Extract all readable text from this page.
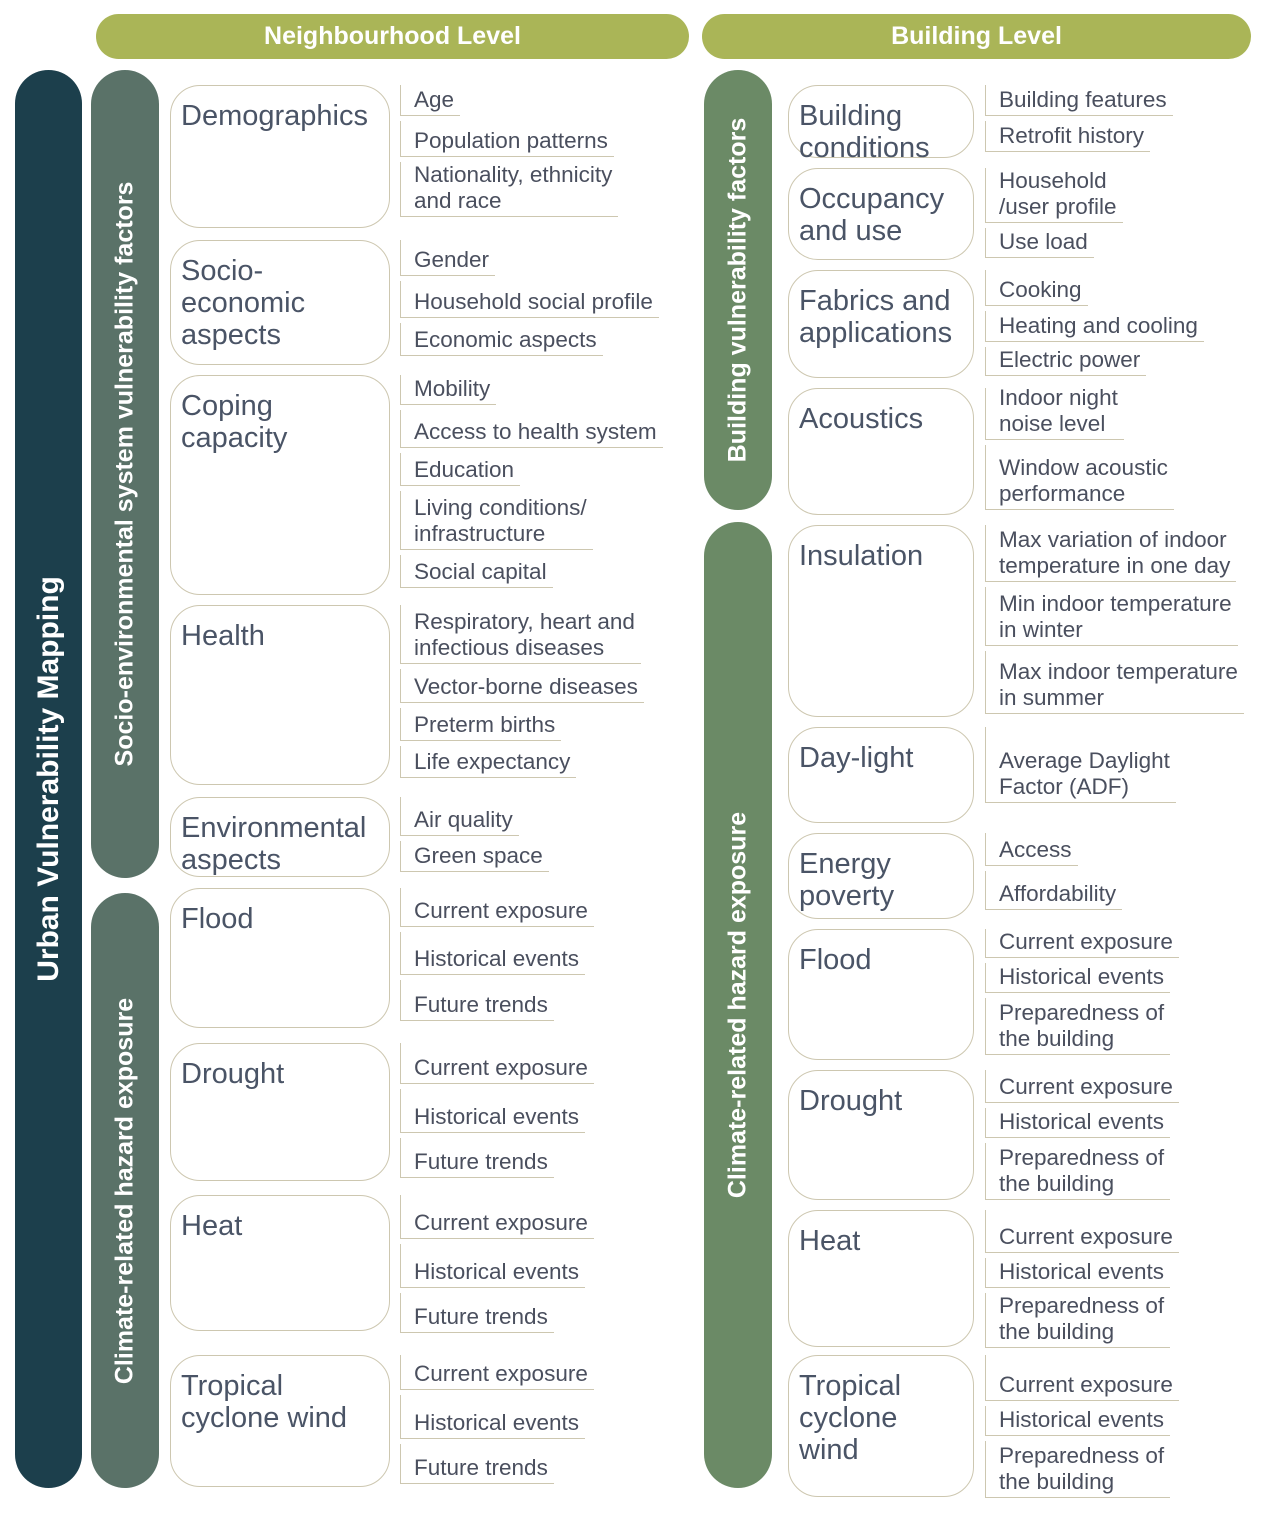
Neighbourhood Level	Building Level
Urban Vulnerability Mapping
Socio-environmental system vulnerability factors
Climate-related hazard exposure
Building vulnerability factors
Climate-related hazard exposure
Demographics
Age
Population patterns
Nationality, ethnicity
and race
Socio-
economic
aspects
Gender
Household social profile
Economic aspects
Coping
capacity
Mobility
Access to health system
Education
Living conditions/
infrastructure
Social capital
Health	Respiratory, heart and
infectious diseases
Vector-borne diseases
Preterm births
Life expectancy
Environmental
aspects
Air quality
Green space
Flood	Current exposure
Historical events
Future trends
Drought	Current exposure
Historical events
Future trends
Heat	Current exposure
Historical events
Future trends
Tropical
cyclone wind
Current exposure
Historical events
Future trends
Building
conditions
Building features
Retrofit history
Occupancy
and use
Household
/user profile
Use load
Fabrics and
applications
Cooking
Heating and cooling
Electric power
Acoustics
Indoor night
noise level
Window acoustic
performance
Insulation
Max variation of indoor
temperature in one day
Min indoor temperature
in winter
Max indoor temperature
in summer
Day-light	Average Daylight
Factor (ADF)
Energy
poverty
Access
Affordability
Flood
Current exposure
Historical events
Preparedness of
the building
Drought	Current exposure
Historical events
Preparedness of
the building
Heat	Current exposure
Historical events
Preparedness of
the building
Tropical
cyclone wind
Current exposure
Historical events
Preparedness of
the building
